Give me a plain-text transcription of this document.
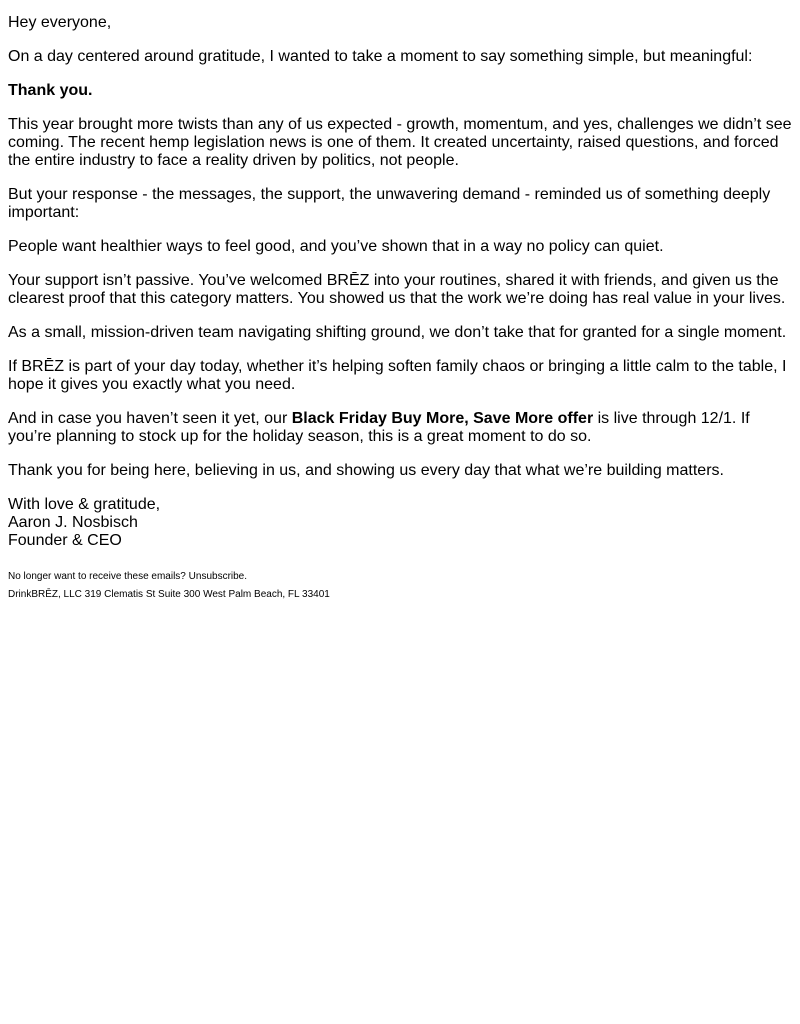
Hey everyone,

On a day centered around gratitude, I wanted to take a moment to say something simple, but meaningful:

Thank you.

This year brought more twists than any of us expected - growth, momentum, and yes, challenges we didn’t see coming. The recent hemp legislation news is one of them. It created uncertainty, raised questions, and forced the entire industry to face a reality driven by politics, not people.

But your response - the messages, the support, the unwavering demand - reminded us of something deeply important:

People want healthier ways to feel good, and you’ve shown that in a way no policy can quiet.

Your support isn’t passive. You’ve welcomed BRĒZ into your routines, shared it with friends, and given us the clearest proof that this category matters. You showed us that the work we’re doing has real value in your lives.

As a small, mission-driven team navigating shifting ground, we don’t take that for granted for a single moment.

If BRĒZ is part of your day today, whether it’s helping soften family chaos or bringing a little calm to the table, I hope it gives you exactly what you need.

And in case you haven’t seen it yet, our Black Friday Buy More, Save More offer is live through 12/1. If you’re planning to stock up for the holiday season, this is a great moment to do so.

Thank you for being here, believing in us, and showing us every day that what we’re building matters.

With love & gratitude,
Aaron J. Nosbisch
Founder & CEO

No longer want to receive these emails? Unsubscribe.

DrinkBRĒZ, LLC 319 Clematis St Suite 300 West Palm Beach, FL 33401
